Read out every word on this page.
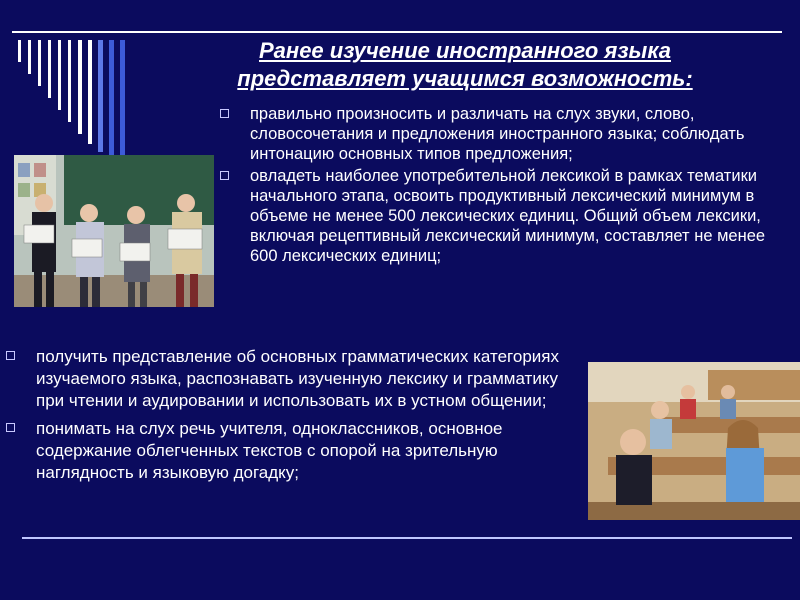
Ранее изучение иностранного языка
представляет учащимся возможность:
правильно произносить и различать на слух звуки, слово, словосочетания и предложения иностранного языка; соблюдать интонацию основных типов предложения;
овладеть наиболее употребительной лексикой в рамках тематики начального этапа, освоить продуктивный лексический минимум в объеме не менее 500 лексических единиц. Общий объем лексики, включая рецептивный лексический минимум, составляет не менее 600 лексических единиц;
получить представление об основных грамматических категориях изучаемого языка, распознавать изученную лексику и грамматику при чтении и аудировании и использовать их в устном общении;
понимать на слух речь учителя, одноклассников, основное содержание облегченных текстов с опорой на зрительную наглядность и языковую догадку;
